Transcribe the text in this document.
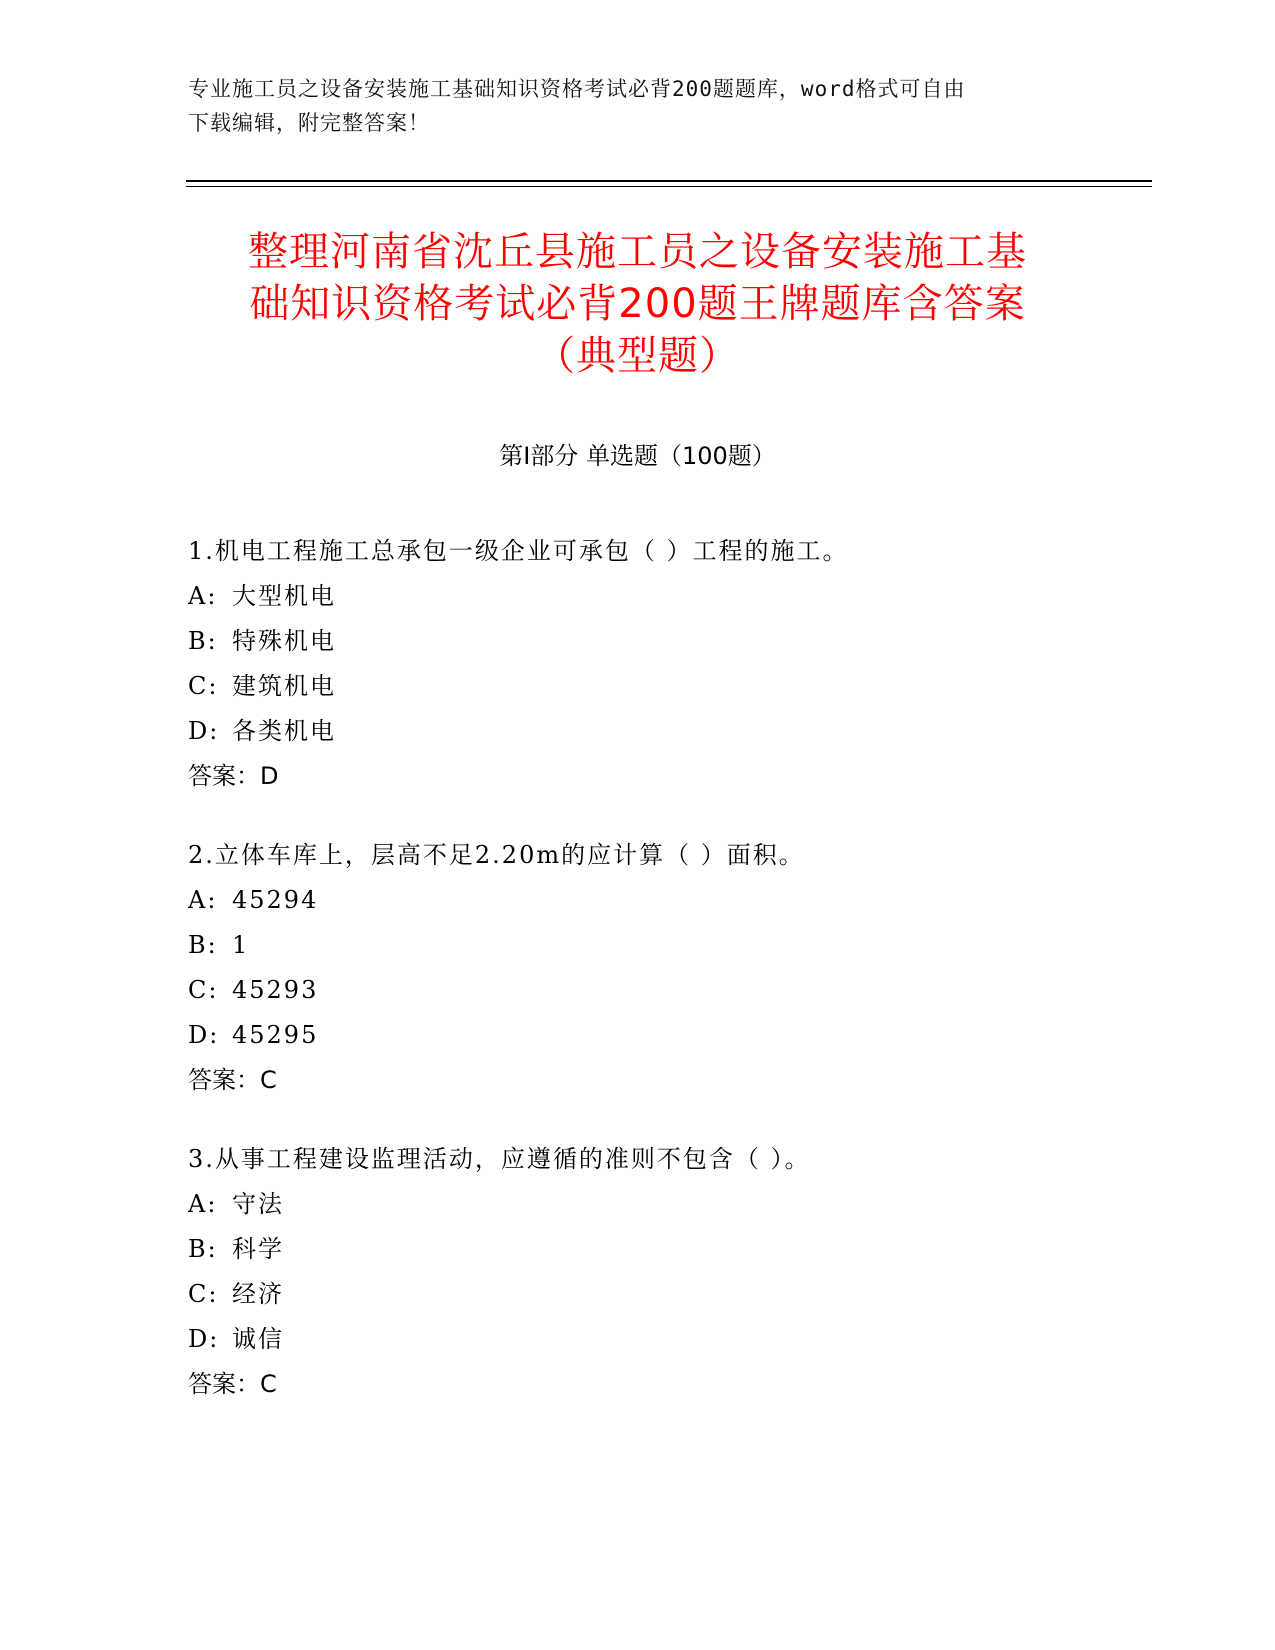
专业施工员之设备安装施工基础知识资格考试必背200题题库，word格式可自由
下载编辑，附完整答案！
整理河南省沈丘县施工员之设备安装施工基
础知识资格考试必背200题王牌题库含答案
（典型题）
第Ⅰ部分 单选题（100题）
1.机电工程施工总承包一级企业可承包（ ）工程的施工。
A: 大型机电
B: 特殊机电
C: 建筑机电
D: 各类机电
答案：D
2.立体车库上，层高不足2.20m的应计算（ ）面积。
A: 45294
B: 1
C: 45293
D: 45295
答案：C
3.从事工程建设监理活动，应遵循的准则不包含（ ）。
A: 守法
B: 科学
C: 经济
D: 诚信
答案：C
